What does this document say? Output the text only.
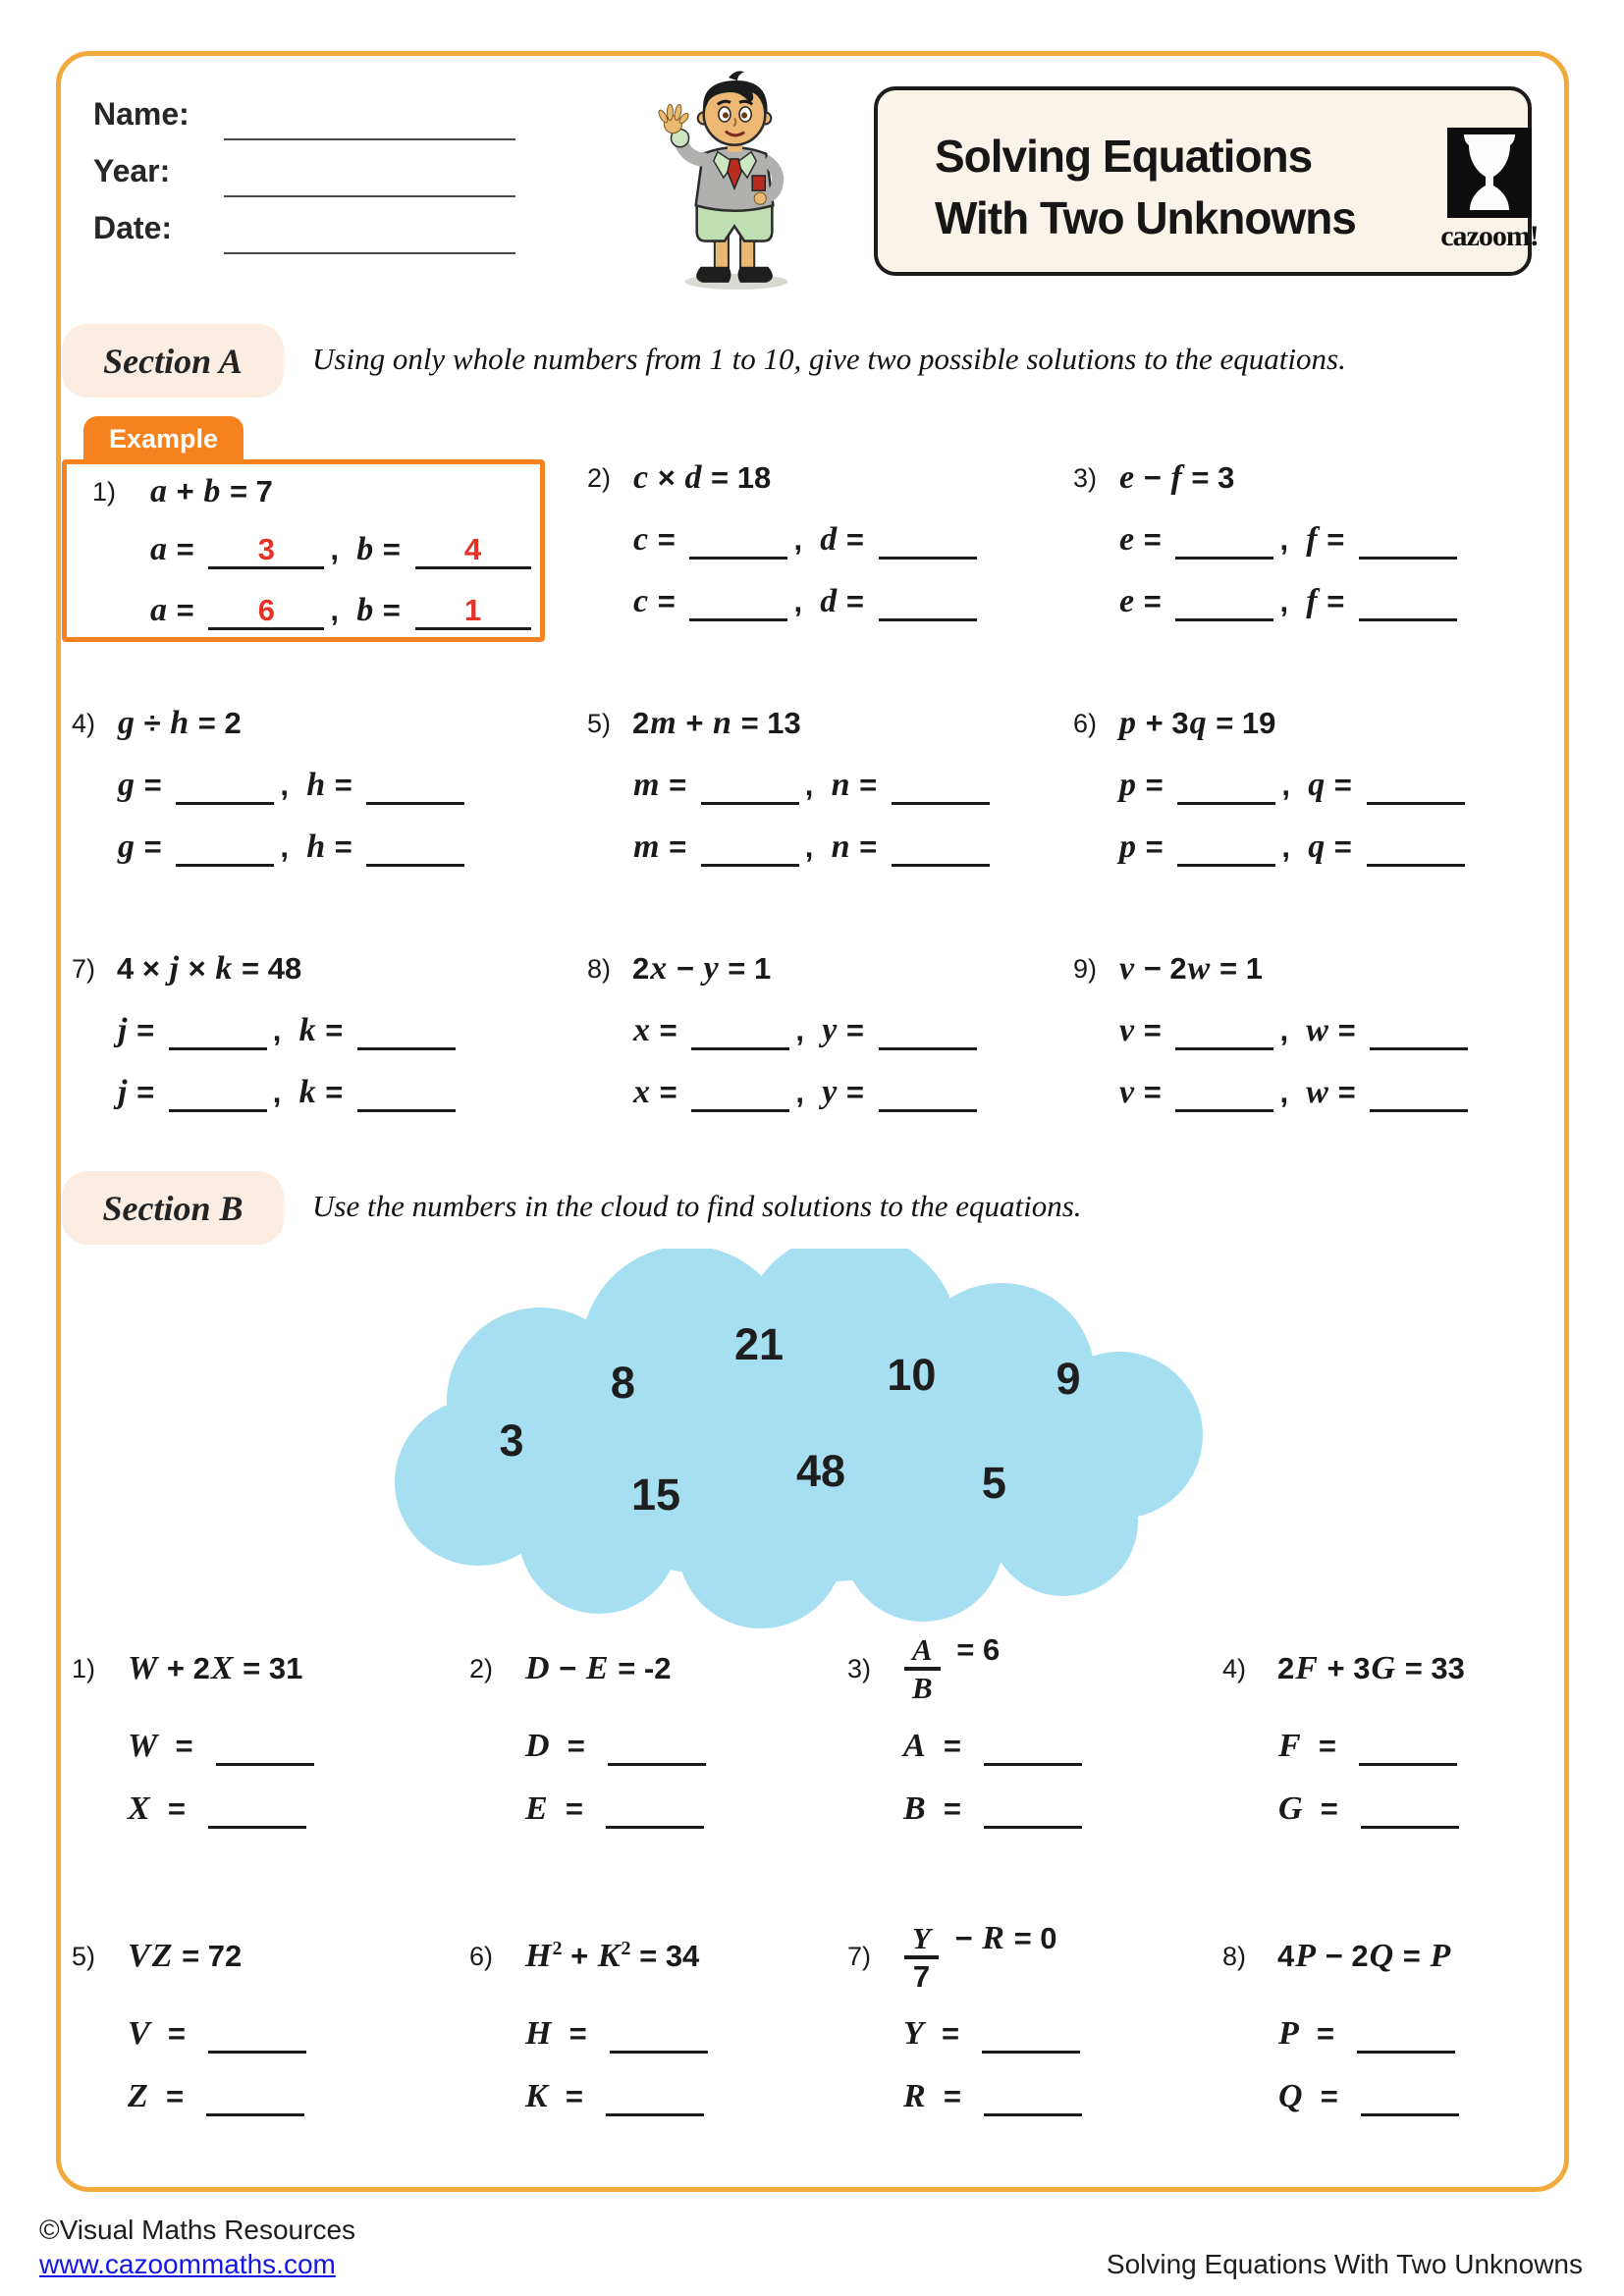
Name:
Year:
Date:
Solving Equations
With Two Unknowns	cazoom!
Section A	Using only whole numbers from 1 to 10, give two possible solutions to the equations.
Example
1)	a + b = 7
a = 3 ,  b = 4
a = 6 ,  b = 1
2) c × d = 18
c =	,  d =
c =	,  d =
3) e − f = 3
e =	,  f =
e =	,  f =
4) g ÷ h = 2
g =	,  h =
g =	,  h =
5) 2m + n = 13
m =	,  n =
m =	,  n =
6) p + 3q = 19
p =	,  q =
p =	,  q =
7) 4 × j × k = 48
j =	,  k =
j =	,  k =
8) 2x − y = 1
x =	,  y =
x =	,  y =
9) v − 2w = 1
v =	,  w =
v =	,  w =
Section B	Use the numbers in the cloud to find solutions to the equations.
21
8	10	9
3
48
15	5
1) W + 2X = 31
W  =
X  =
2) D − E = -2
D  =
E  =
3)	$\frac{A}{B} = 6$
A  =
B  =
4)	2F + 3G = 33
F  =
G  =
5) VZ = 72
V  =
Z  =
6) H2 + K2 = 34
H  =
K  =
7)	$\frac{Y}{7} - R = 0$
Y  =
R  =
8)	4P − 2Q = P
P  =
Q  =
©Visual Maths Resources
www.cazoommaths.com	Solving Equations With Two Unknowns
